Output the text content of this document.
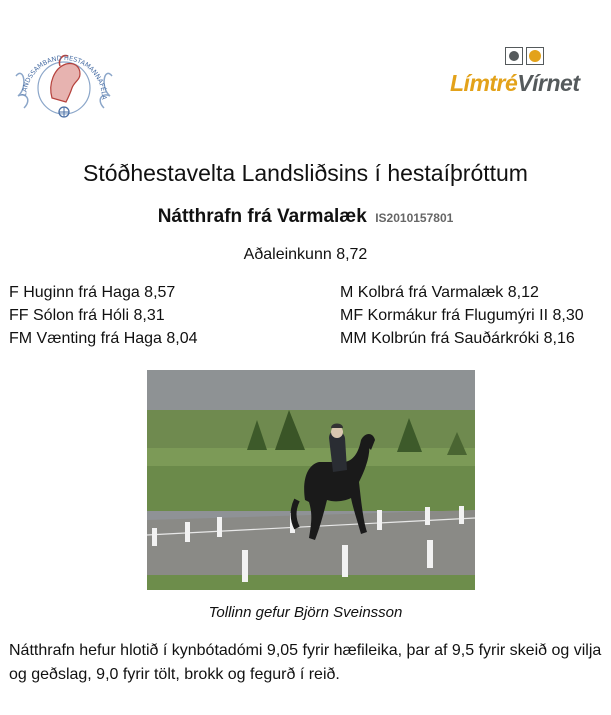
LANDSSAMBAND HESTAMANNAFÉLA
LímtréVírnet
Stóðhestavelta Landsliðsins í hestaíþróttum
Nátthrafn frá Varmalæk IS2010157801
Aðaleinkunn 8,72
F Huginn frá Haga 8,57
FF Sólon frá Hóli 8,31
FM Vænting frá Haga 8,04
M Kolbrá frá Varmalæk 8,12
MF Kormákur frá Flugumýri II 8,30
MM Kolbrún frá Sauðárkróki 8,16
Tollinn gefur Björn Sveinsson
Nátthrafn hefur hlotið í kynbótadómi 9,05 fyrir hæfileika, þar af 9,5 fyrir skeið og vilja og geðslag, 9,0 fyrir tölt, brokk og fegurð í reið.
